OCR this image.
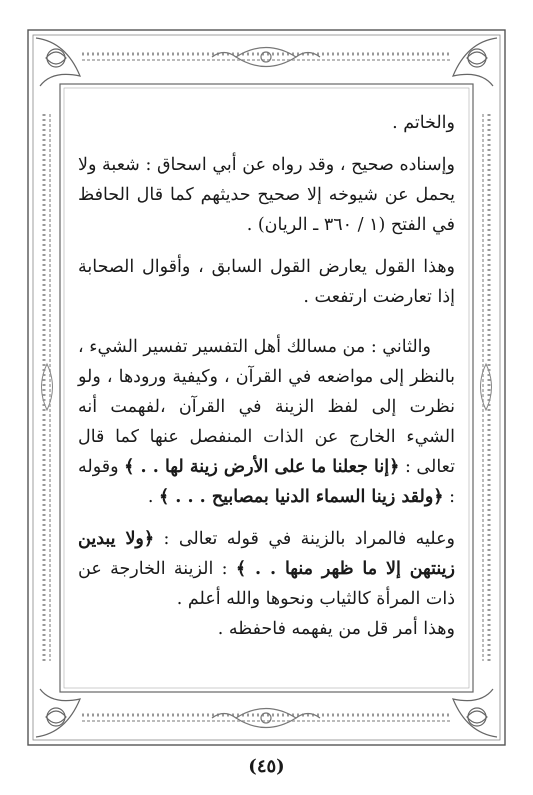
والخاتم .

وإسناده صحيح ، وقد رواه عن أبي اسحاق : شعبة ولا يحمل عن شيوخه إلا صحيح حديثهم كما قال الحافظ في الفتح (١ / ٣٦٠ ـ الريان) .

وهذا القول يعارض القول السابق ، وأقوال الصحابة إذا تعارضت ارتفعت .

والثاني : من مسالك أهل التفسير تفسير الشيء ، بالنظر إلى مواضعه في القرآن ، وكيفية ورودها ، ولو نظرت إلى لفظ الزينة في القرآن ،لفهمت أنه الشيء الخارج عن الذات المنفصل عنها كما قال تعالى : ﴿إنا جعلنا ما على الأرض زينة لها . . ﴾ وقوله : ﴿ولقد زينا السماء الدنيا بمصابيح . . . ﴾ .

وعليه فالمراد بالزينة في قوله تعالى : ﴿ولا يبدين زينتهن إلا ما ظهر منها . . ﴾ : الزينة الخارجة عن ذات المرأة كالثياب ونحوها والله أعلم .

وهذا أمر قل من يفهمه فاحفظه .

(٤٥)
